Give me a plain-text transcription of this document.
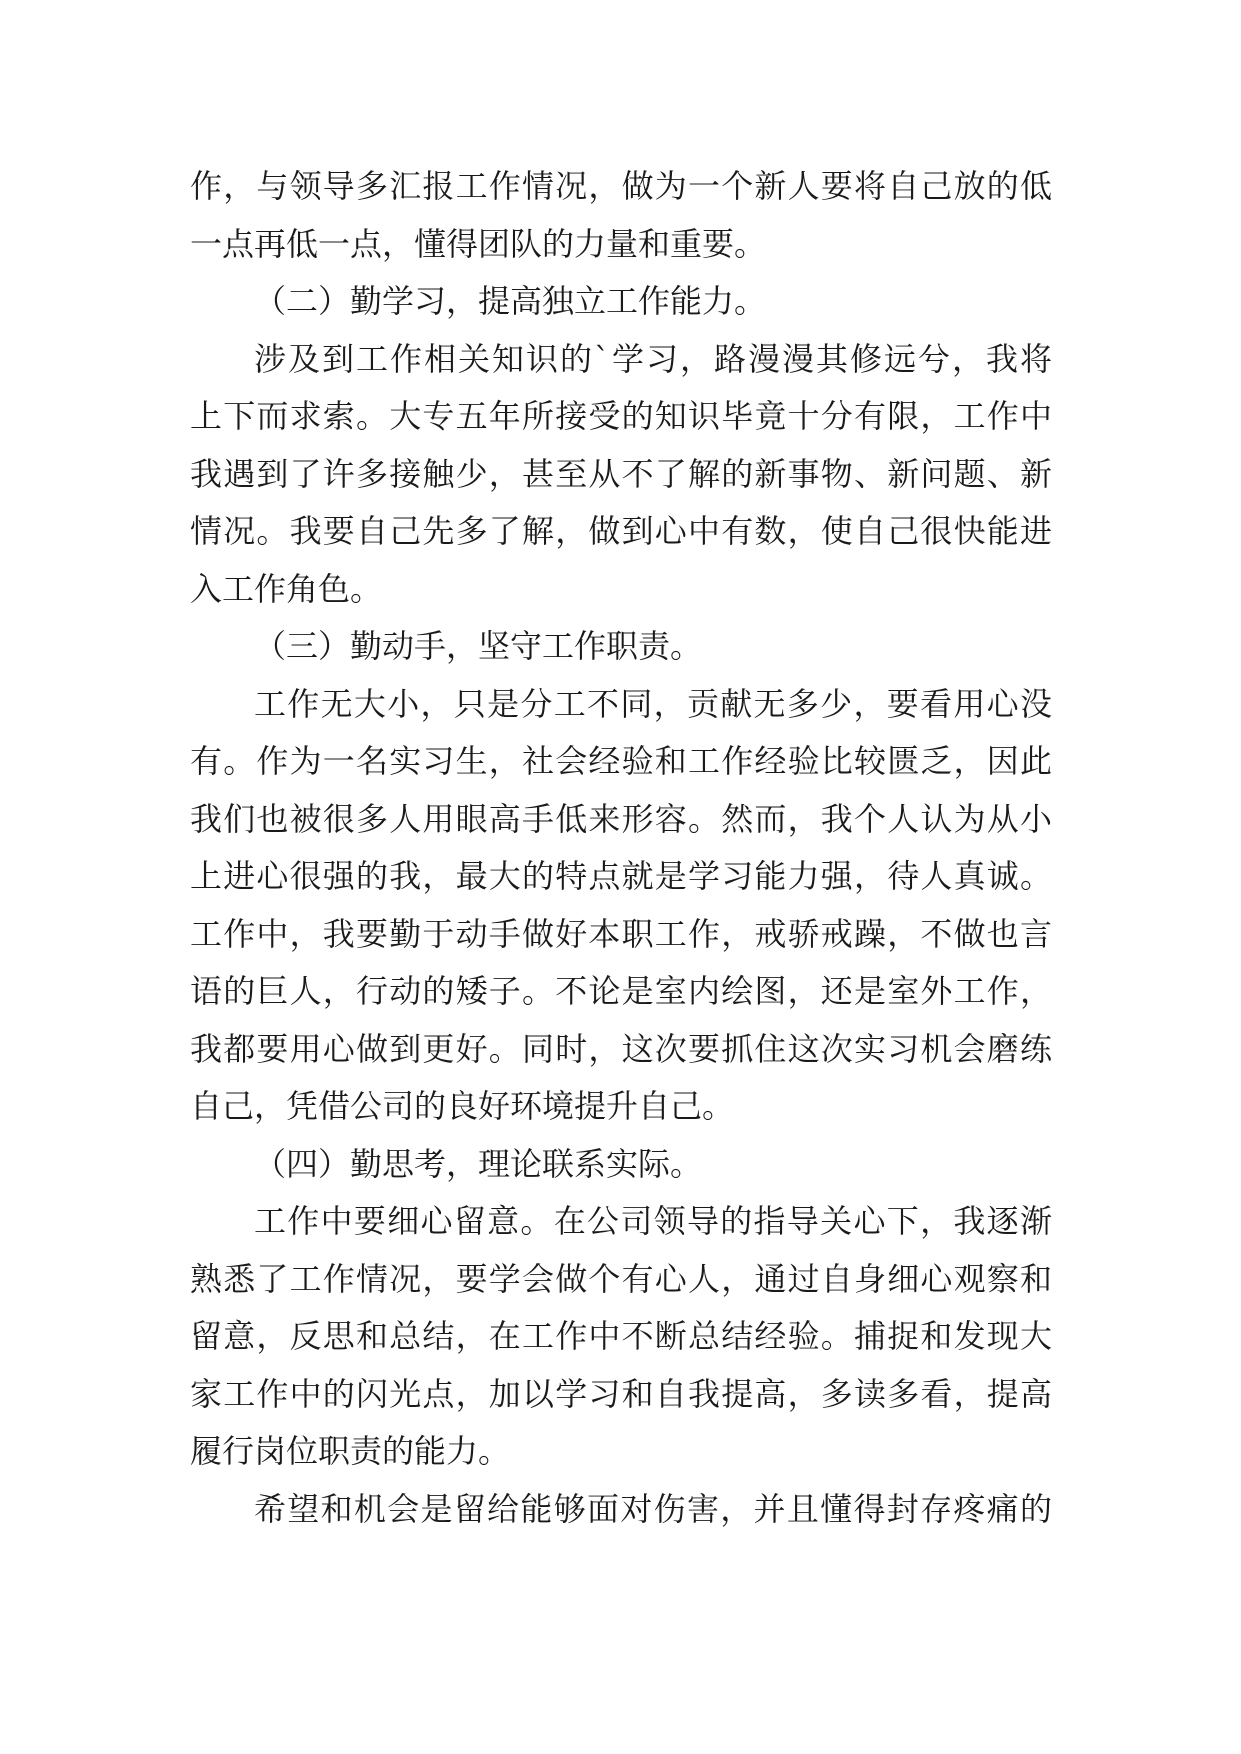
作，与领导多汇报工作情况，做为一个新人要将自己放的低
一点再低一点，懂得团队的力量和重要。
（二）勤学习，提高独立工作能力。
涉及到工作相关知识的`学习，路漫漫其修远兮，我将
上下而求索。大专五年所接受的知识毕竟十分有限，工作中
我遇到了许多接触少，甚至从不了解的新事物、新问题、新
情况。我要自己先多了解，做到心中有数，使自己很快能进
入工作角色。
（三）勤动手，坚守工作职责。
工作无大小，只是分工不同，贡献无多少，要看用心没
有。作为一名实习生，社会经验和工作经验比较匮乏，因此
我们也被很多人用眼高手低来形容。然而，我个人认为从小
上进心很强的我，最大的特点就是学习能力强，待人真诚。
工作中，我要勤于动手做好本职工作，戒骄戒躁，不做也言
语的巨人，行动的矮子。不论是室内绘图，还是室外工作，
我都要用心做到更好。同时，这次要抓住这次实习机会磨练
自己，凭借公司的良好环境提升自己。
（四）勤思考，理论联系实际。
工作中要细心留意。在公司领导的指导关心下，我逐渐
熟悉了工作情况，要学会做个有心人，通过自身细心观察和
留意，反思和总结，在工作中不断总结经验。捕捉和发现大
家工作中的闪光点，加以学习和自我提高，多读多看，提高
履行岗位职责的能力。
希望和机会是留给能够面对伤害，并且懂得封存疼痛的
